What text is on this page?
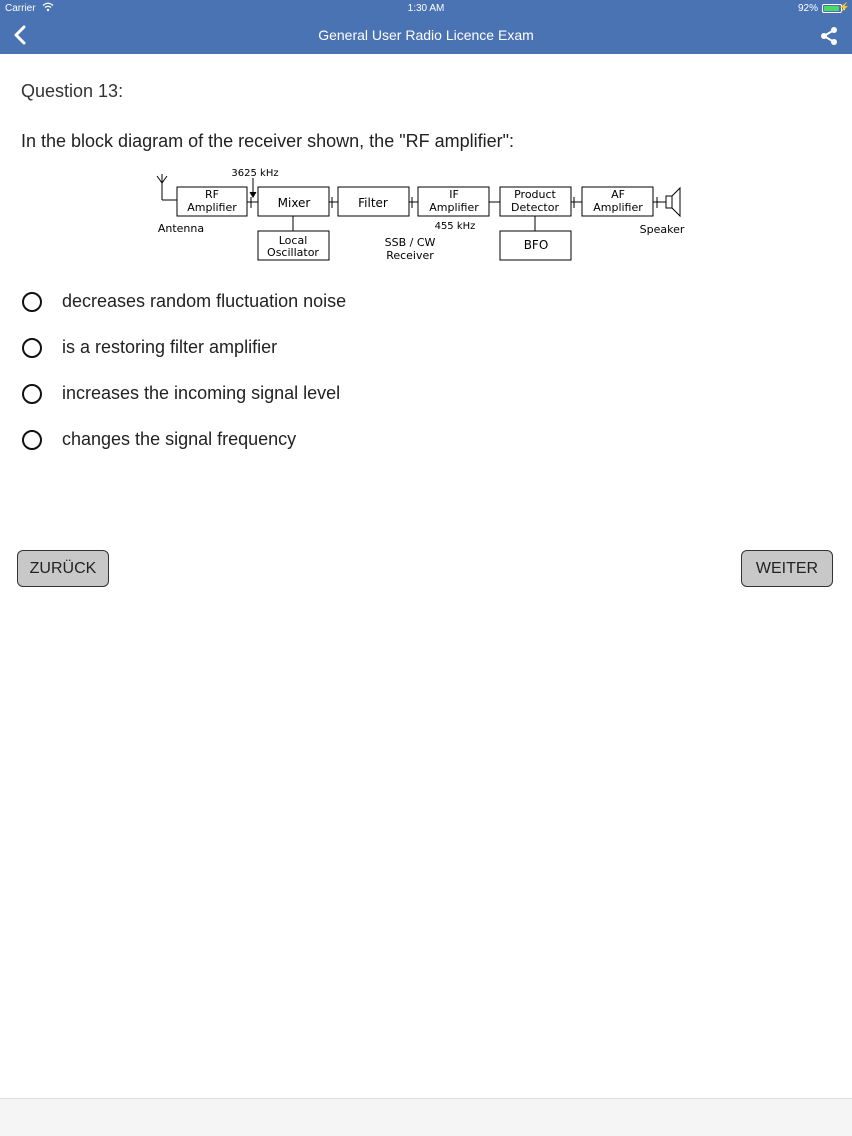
Carrier	1:30 AM	92% ⚡
General User Radio Licence Exam
Question 13:
In the block diagram of the receiver shown, the "RF amplifier":
3625 kHz
RF
Amplifier	Mixer	Filter
IF
Amplifier
Product
Detector
AF
Amplifier
Antenna	Speaker
Local
Oscillator
455 kHz
SSB / CW
Receiver
BFO
decreases random fluctuation noise
is a restoring filter amplifier
increases the incoming signal level
changes the signal frequency
ZURÜCK	WEITER
